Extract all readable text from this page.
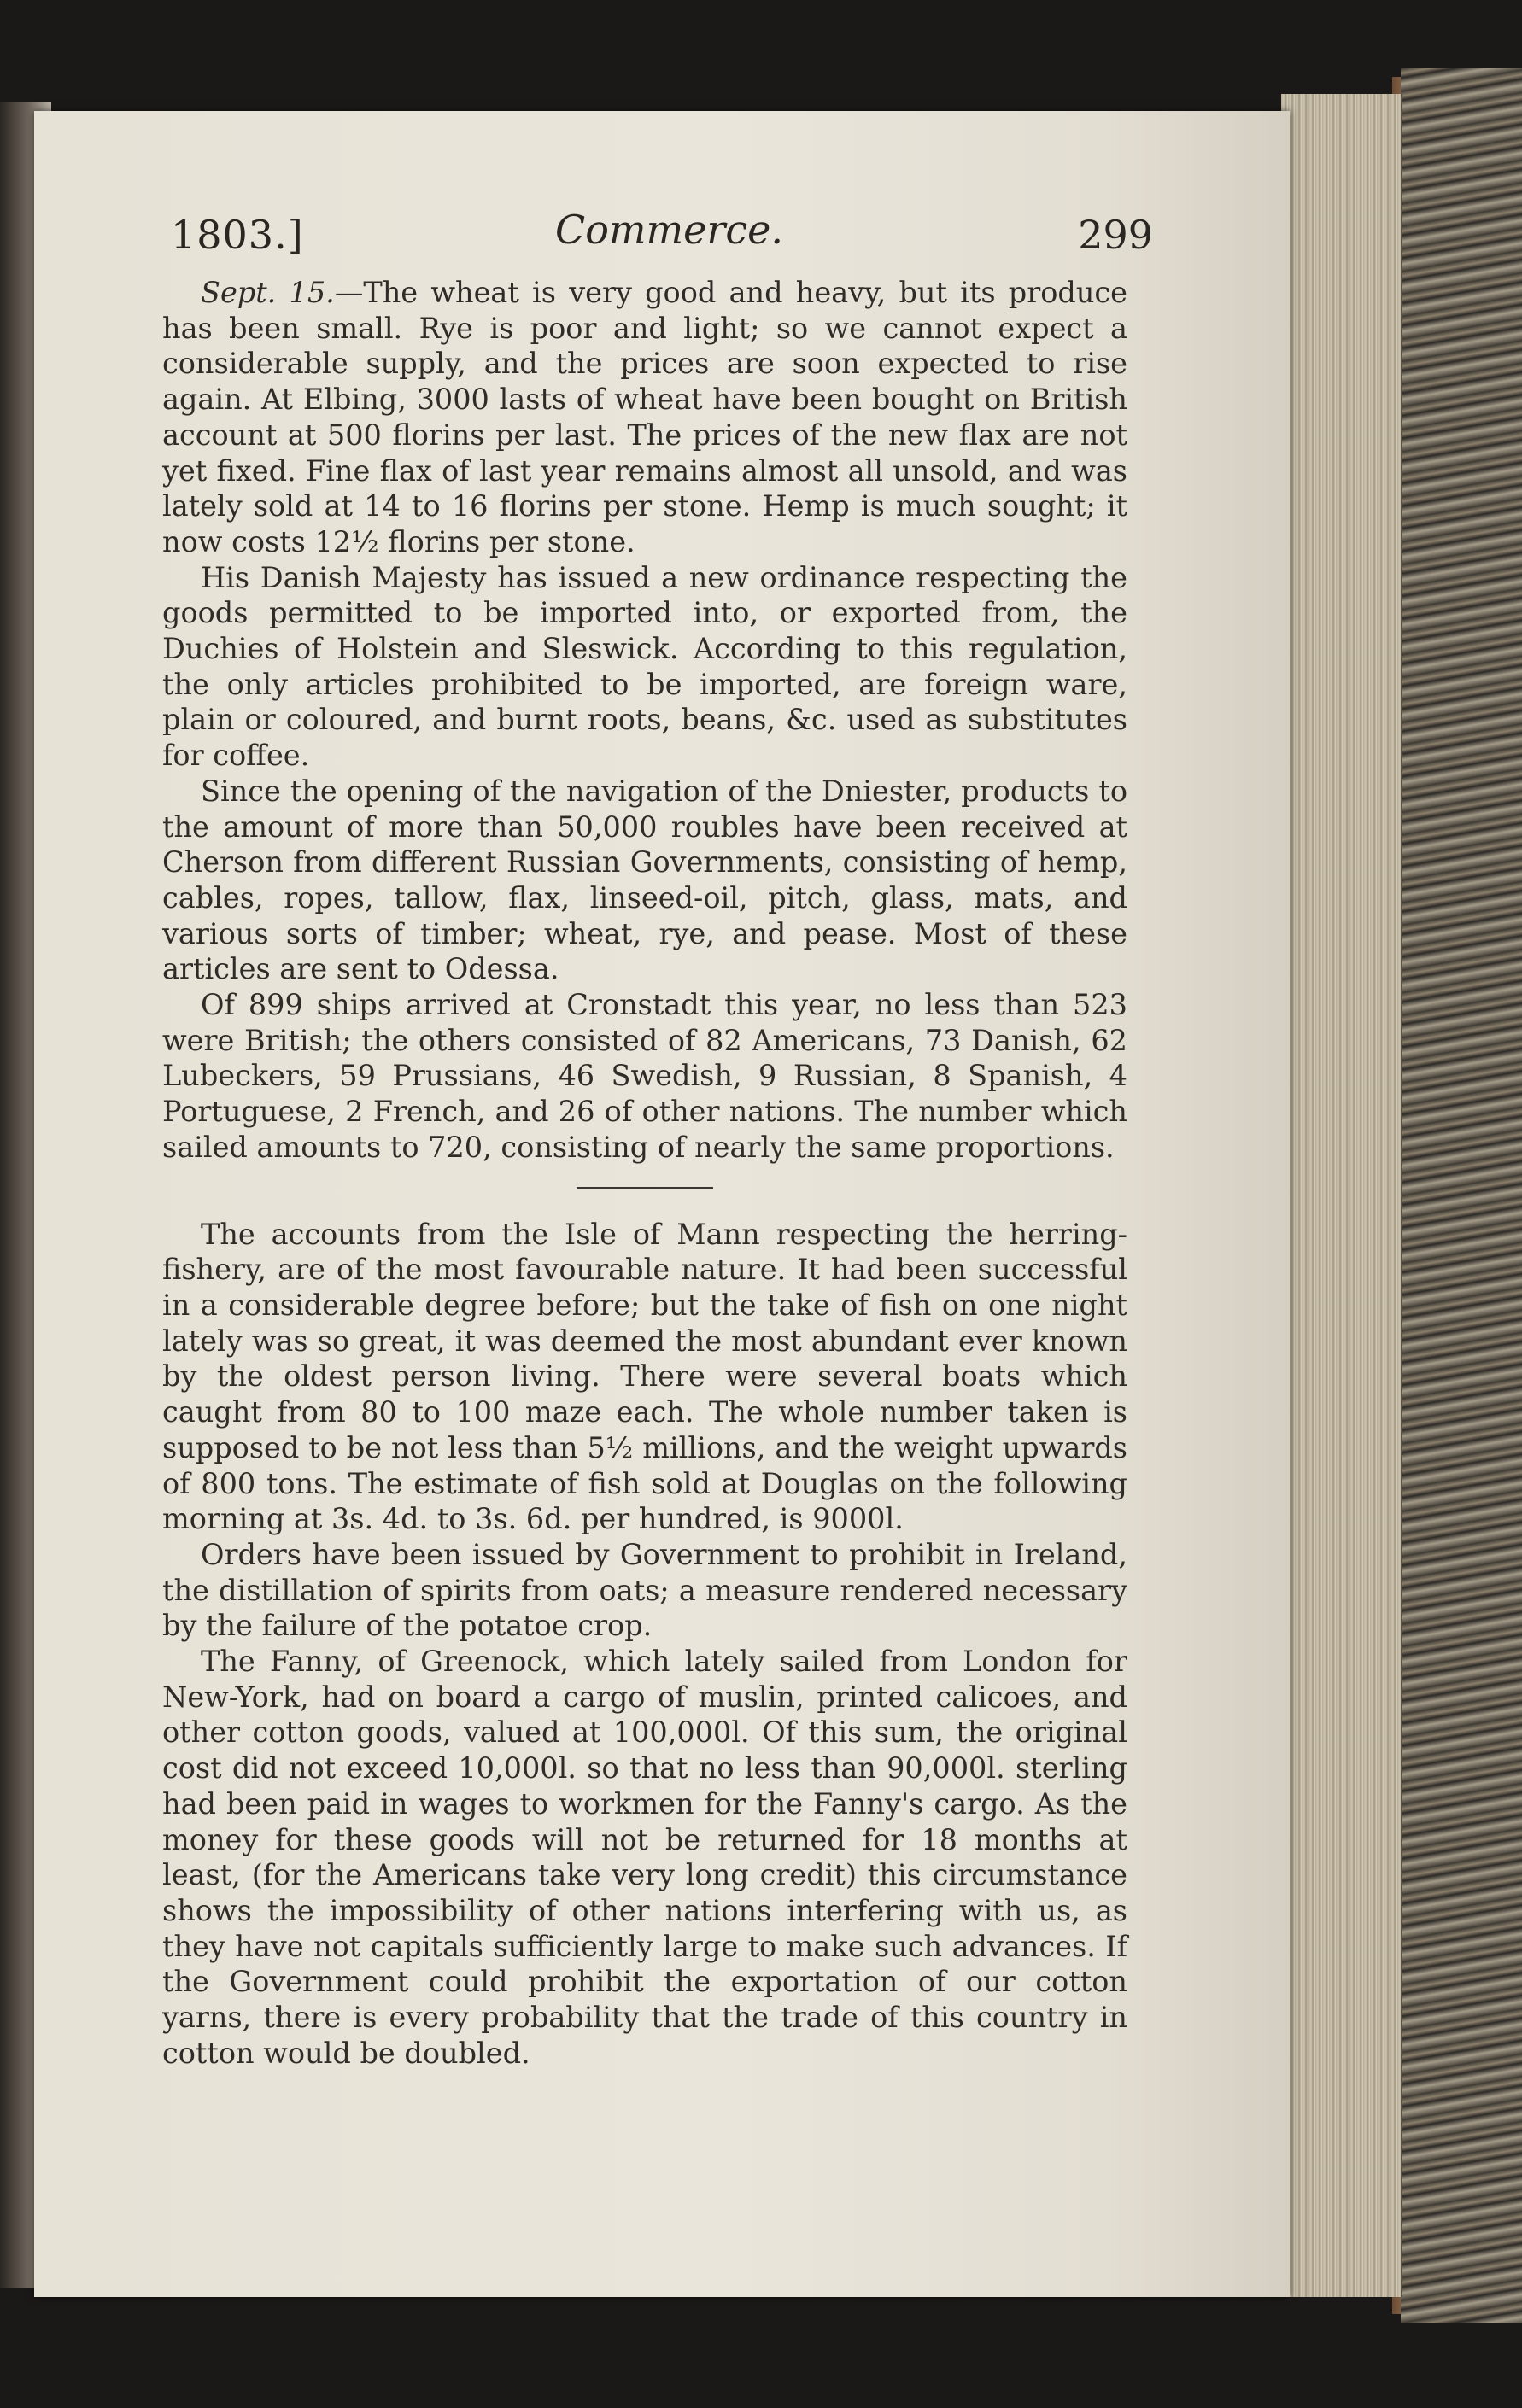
1803.]	Commerce.	299

Sept. 15.—The wheat is very good and heavy, but its produce has been small. Rye is poor and light; so we cannot expect a considerable supply, and the prices are soon expected to rise again. At Elbing, 3000 lasts of wheat have been bought on British account at 500 florins per last. The prices of the new flax are not yet fixed. Fine flax of last year remains almost all unsold, and was lately sold at 14 to 16 florins per stone. Hemp is much sought; it now costs 12½ florins per stone.

His Danish Majesty has issued a new ordinance respecting the goods permitted to be imported into, or exported from, the Duchies of Holstein and Sleswick. According to this regulation, the only articles prohibited to be imported, are foreign ware, plain or coloured, and burnt roots, beans, &c. used as substitutes for coffee.

Since the opening of the navigation of the Dniester, products to the amount of more than 50,000 roubles have been received at Cherson from different Russian Governments, consisting of hemp, cables, ropes, tallow, flax, linseed-oil, pitch, glass, mats, and various sorts of timber; wheat, rye, and pease. Most of these articles are sent to Odessa.

Of 899 ships arrived at Cronstadt this year, no less than 523 were British; the others consisted of 82 Americans, 73 Danish, 62 Lubeckers, 59 Prussians, 46 Swedish, 9 Russian, 8 Spanish, 4 Portuguese, 2 French, and 26 of other nations. The number which sailed amounts to 720, consisting of nearly the same proportions.

The accounts from the Isle of Mann respecting the herring-fishery, are of the most favourable nature. It had been successful in a considerable degree before; but the take of fish on one night lately was so great, it was deemed the most abundant ever known by the oldest person living. There were several boats which caught from 80 to 100 maze each. The whole number taken is supposed to be not less than 5½ millions, and the weight upwards of 800 tons. The estimate of fish sold at Douglas on the following morning at 3s. 4d. to 3s. 6d. per hundred, is 9000l.

Orders have been issued by Government to prohibit in Ireland, the distillation of spirits from oats; a measure rendered necessary by the failure of the potatoe crop.

The Fanny, of Greenock, which lately sailed from London for New-York, had on board a cargo of muslin, printed calicoes, and other cotton goods, valued at 100,000l. Of this sum, the original cost did not exceed 10,000l. so that no less than 90,000l. sterling had been paid in wages to workmen for the Fanny's cargo. As the money for these goods will not be returned for 18 months at least, (for the Americans take very long credit) this circumstance shows the impossibility of other nations interfering with us, as they have not capitals sufficiently large to make such advances. If the Government could prohibit the exportation of our cotton yarns, there is every probability that the trade of this country in cotton would be doubled.
